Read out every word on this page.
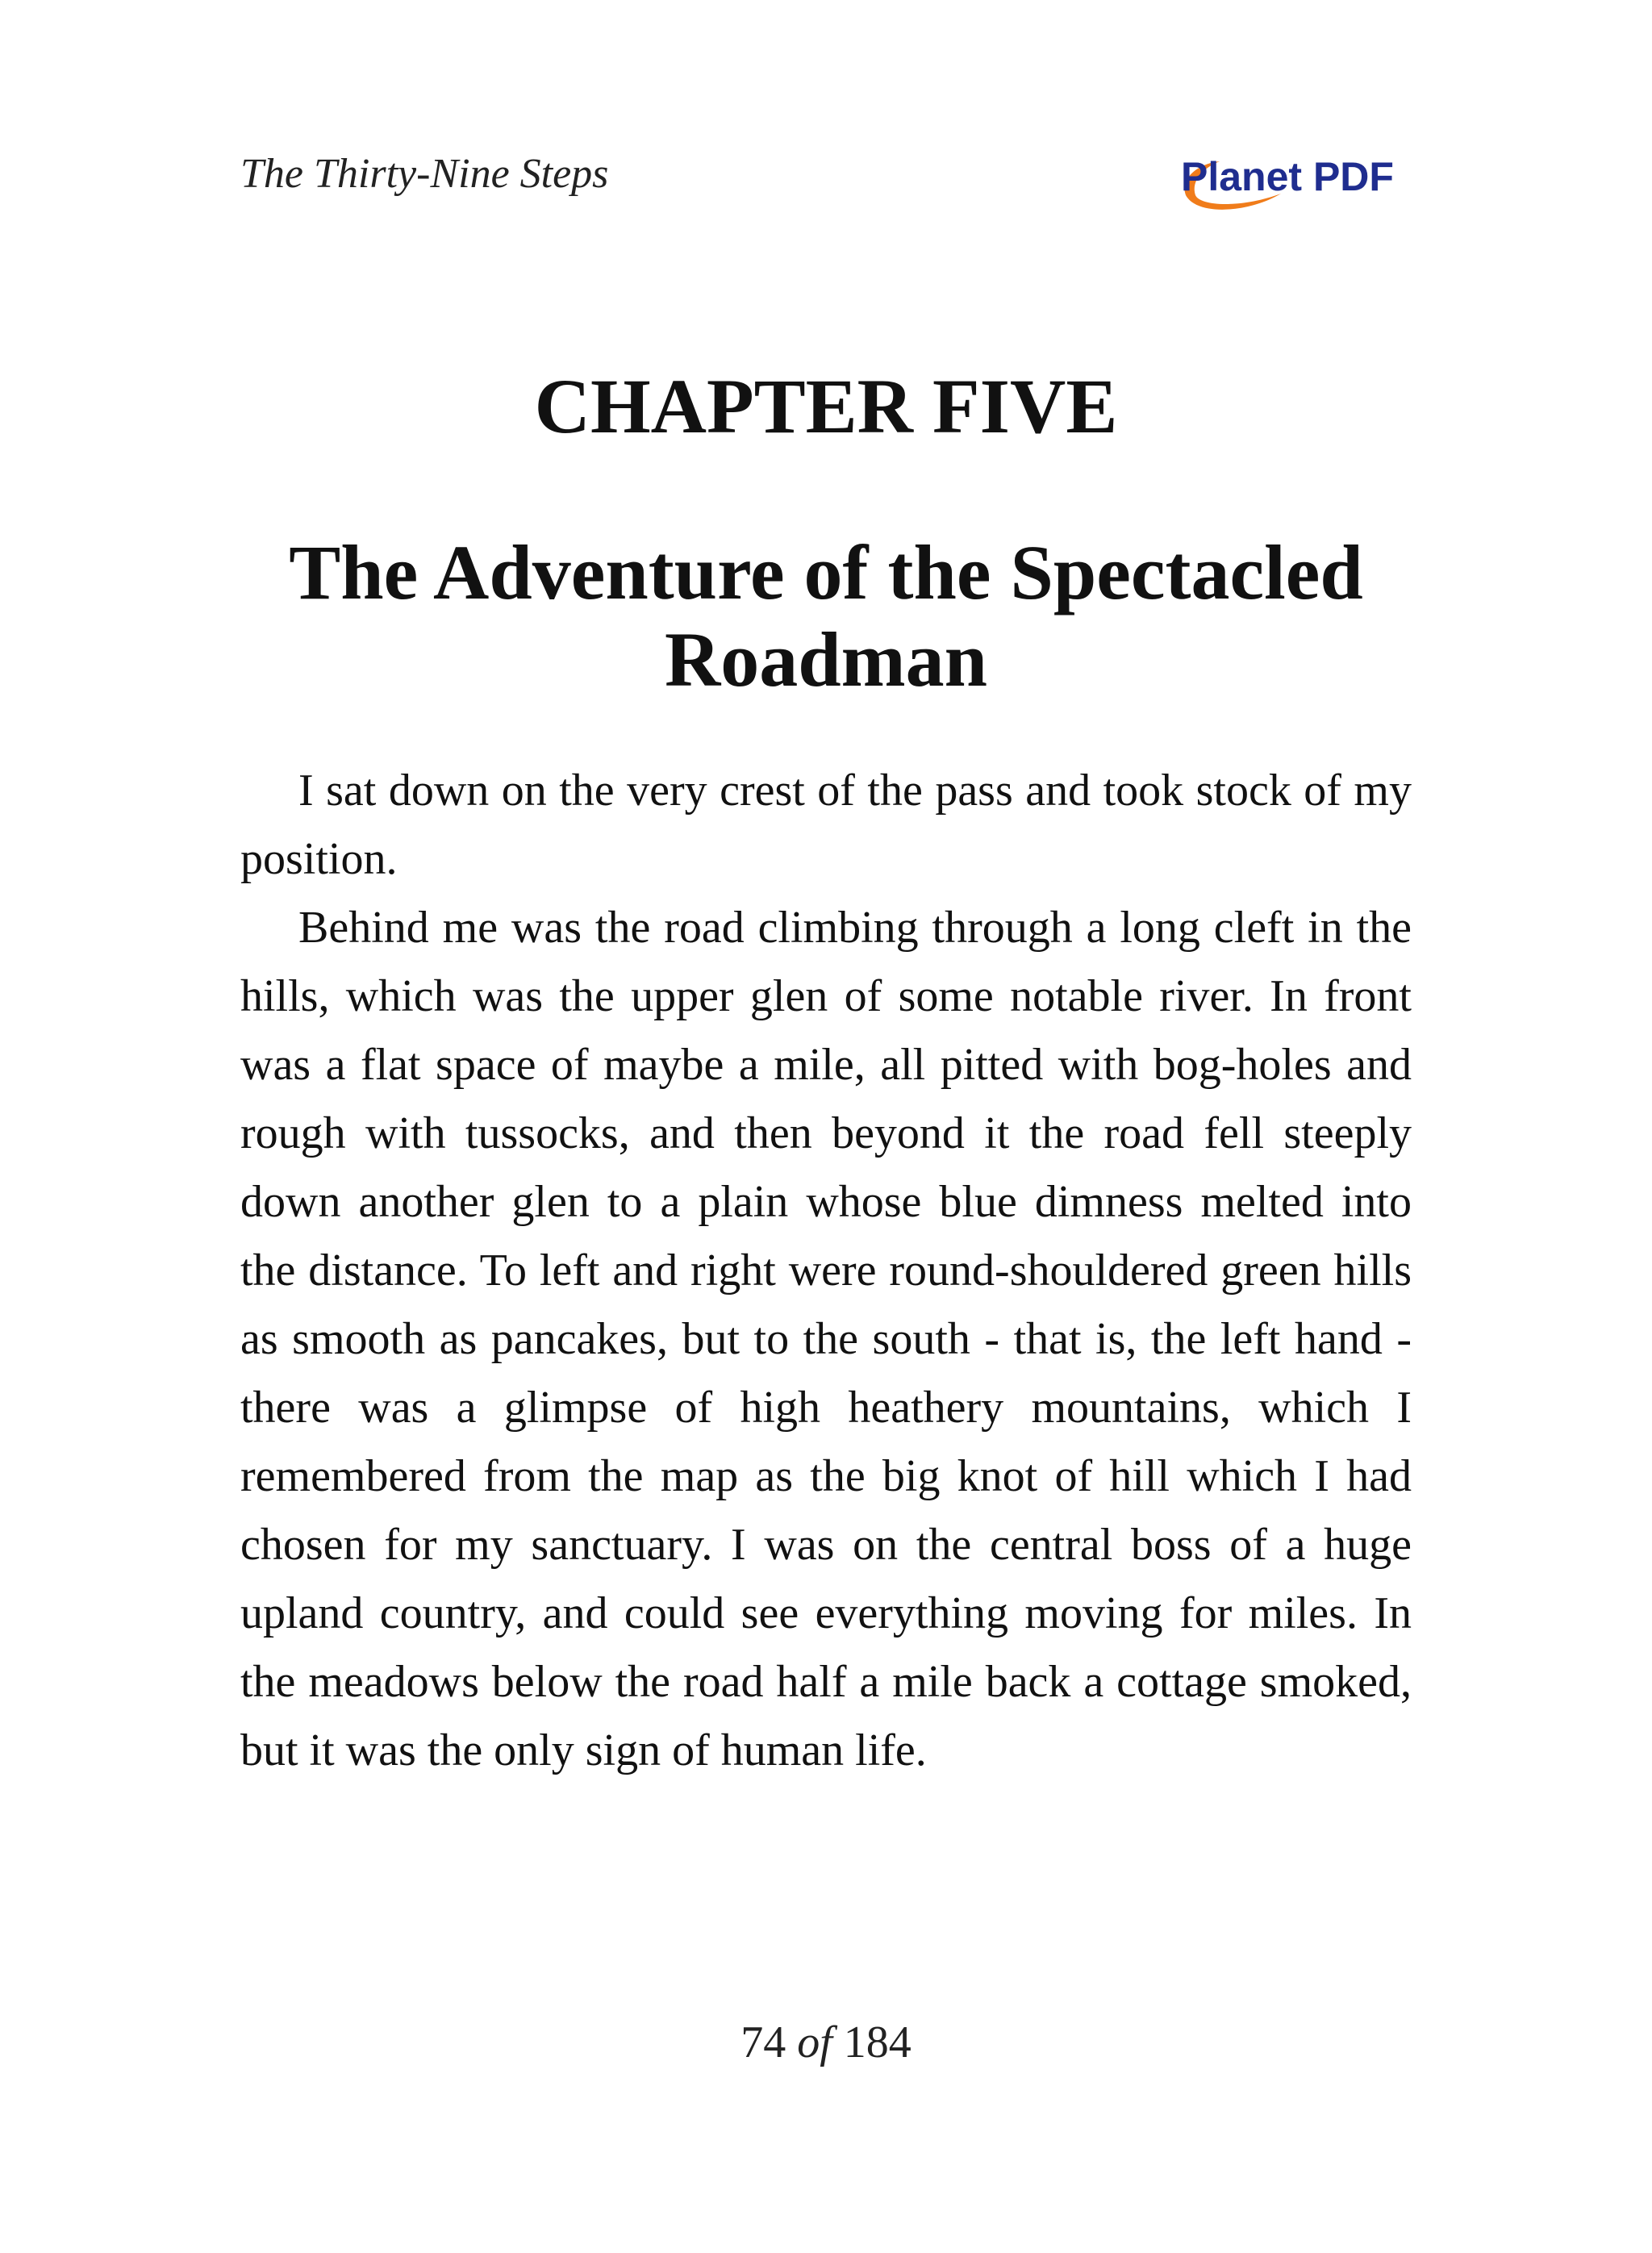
The Thirty-Nine Steps	Planet PDF
CHAPTER FIVE
The Adventure of the Spectacled Roadman

I sat down on the very crest of the pass and took stock of my position.

Behind me was the road climbing through a long cleft in the hills, which was the upper glen of some notable river. In front was a flat space of maybe a mile, all pitted with bog-holes and rough with tussocks, and then beyond it the road fell steeply down another glen to a plain whose blue dimness melted into the distance. To left and right were round-shouldered green hills as smooth as pancakes, but to the south - that is, the left hand - there was a glimpse of high heathery mountains, which I remembered from the map as the big knot of hill which I had chosen for my sanctuary. I was on the central boss of a huge upland country, and could see everything moving for miles. In the meadows below the road half a mile back a cottage smoked, but it was the only sign of human life.

74 of 184
